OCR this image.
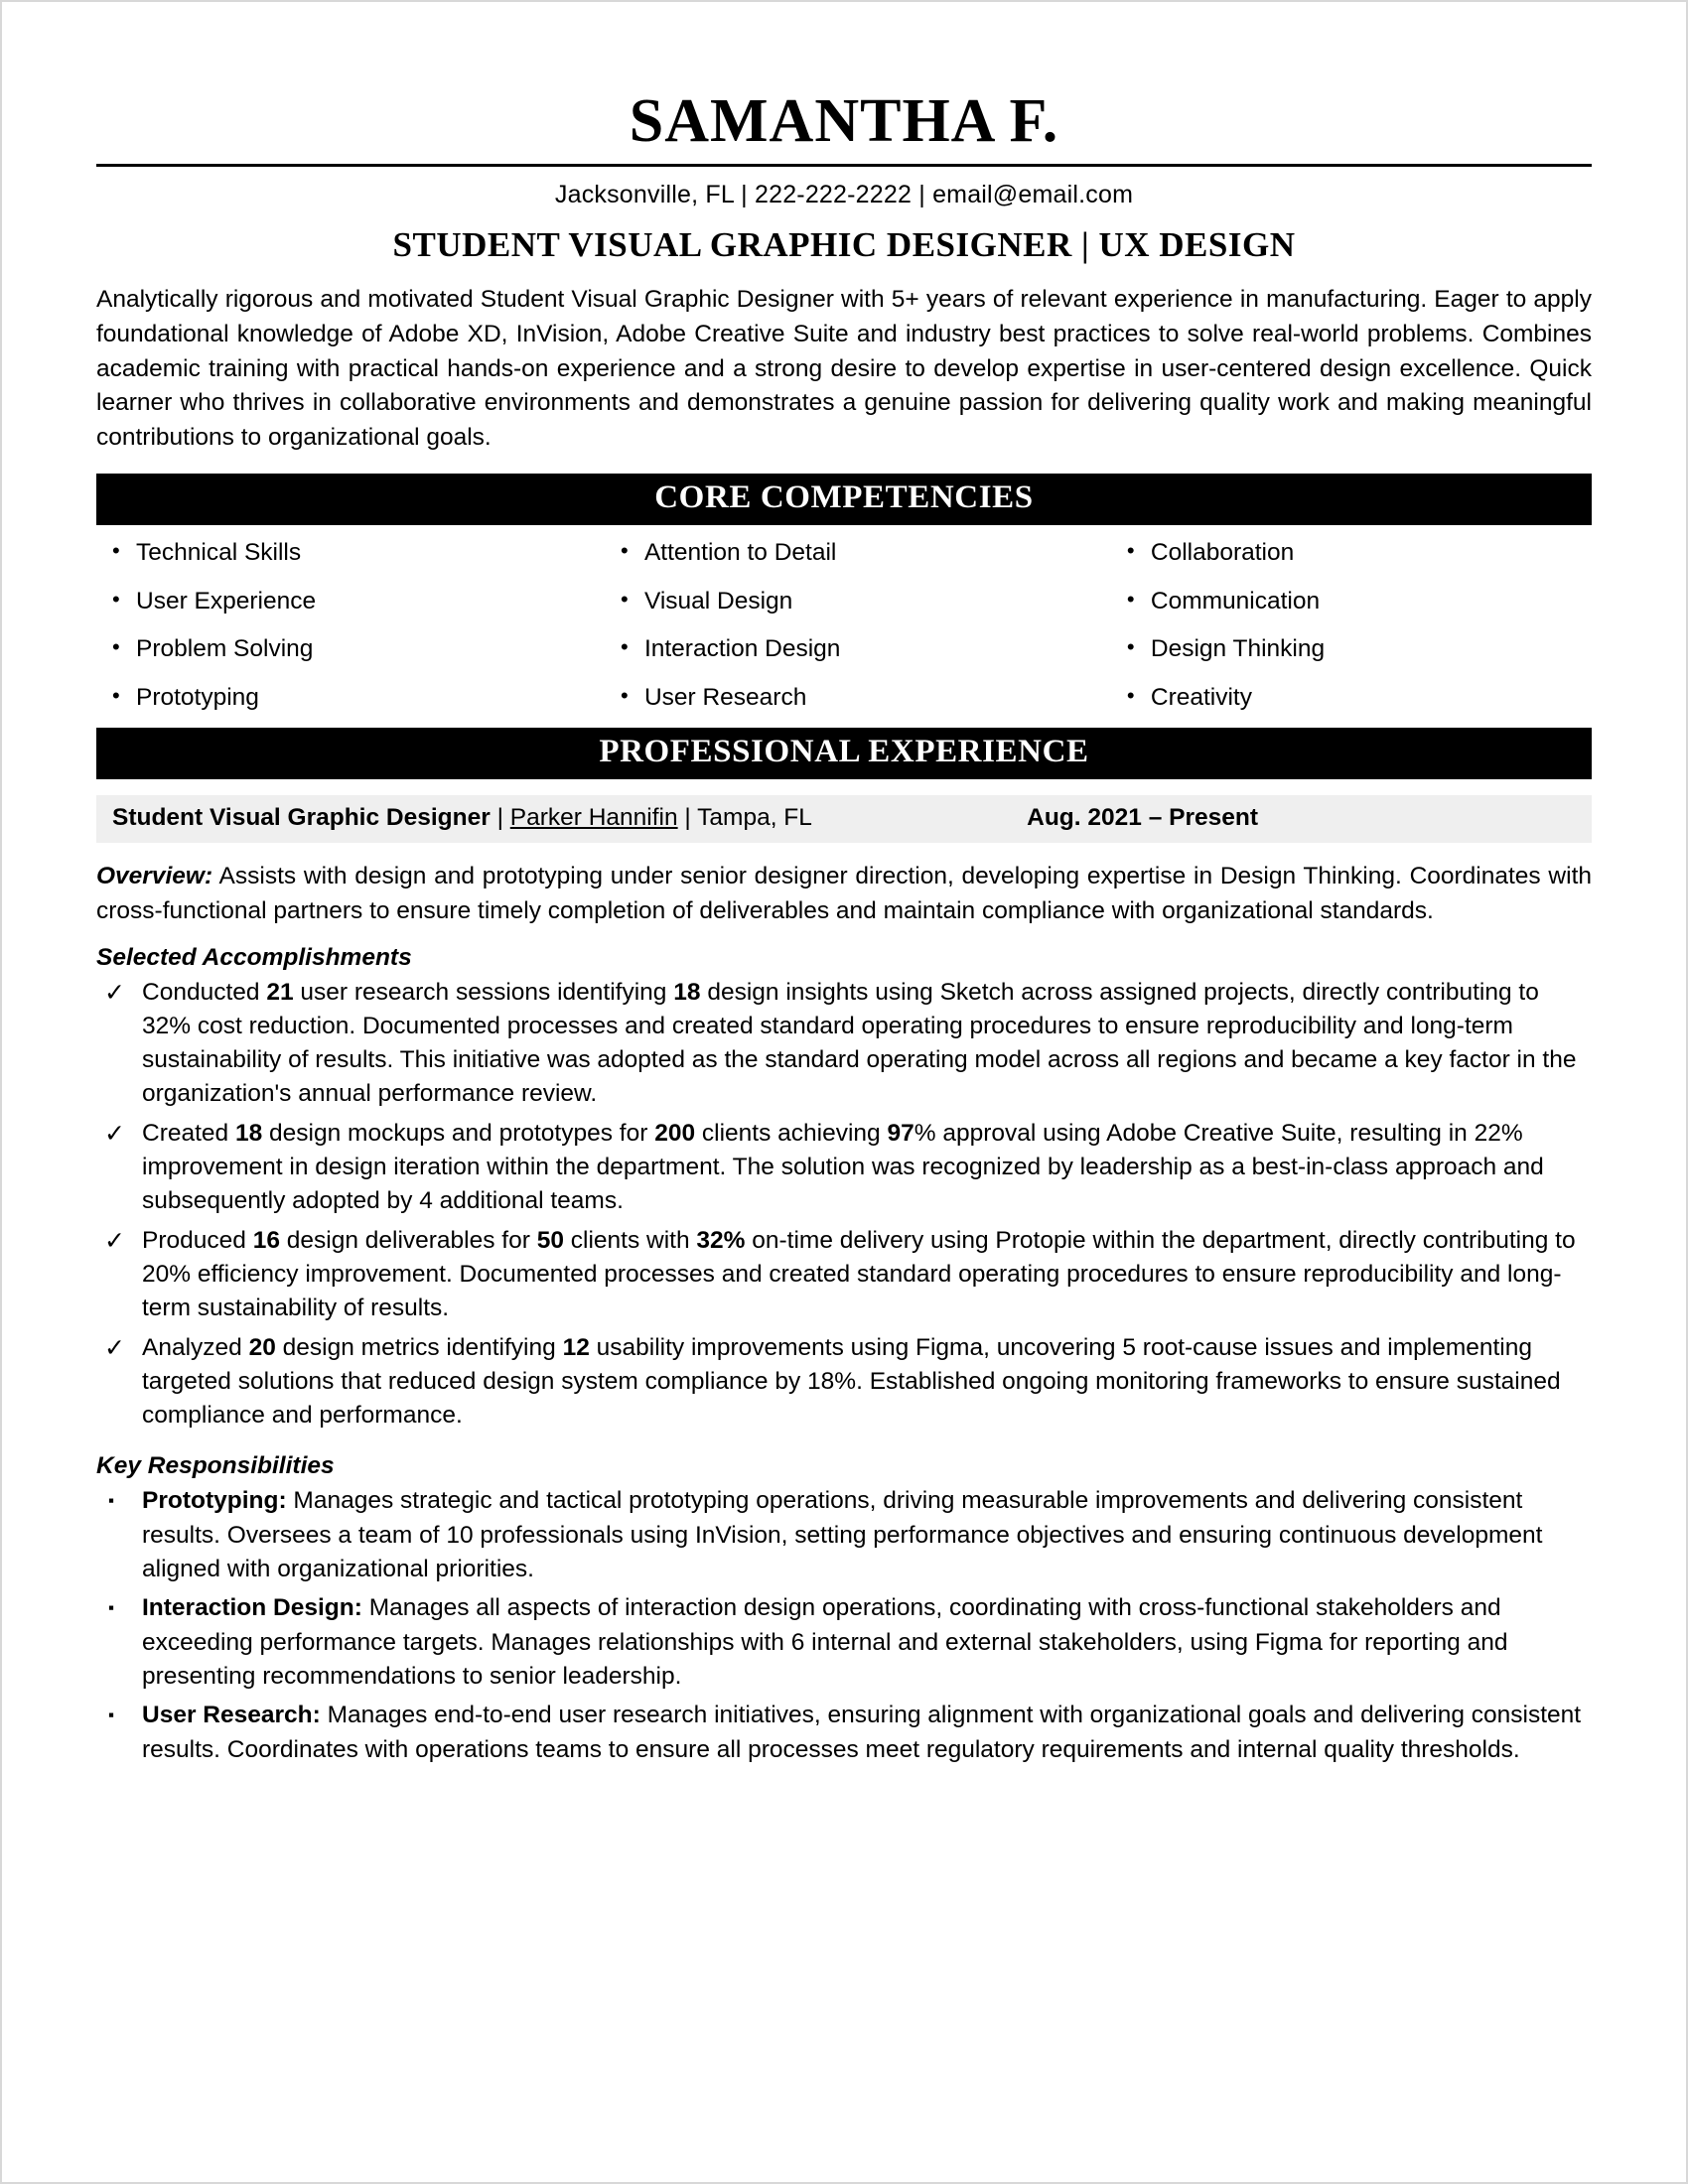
SAMANTHA F.
Jacksonville, FL | 222-222-2222 | email@email.com
STUDENT VISUAL GRAPHIC DESIGNER | UX DESIGN
Analytically rigorous and motivated Student Visual Graphic Designer with 5+ years of relevant experience in manufacturing. Eager to apply foundational knowledge of Adobe XD, InVision, Adobe Creative Suite and industry best practices to solve real-world problems. Combines academic training with practical hands-on experience and a strong desire to develop expertise in user-centered design excellence. Quick learner who thrives in collaborative environments and demonstrates a genuine passion for delivering quality work and making meaningful contributions to organizational goals.
CORE COMPETENCIES
• Technical Skills
• User Experience
• Problem Solving
• Prototyping
• Attention to Detail
• Visual Design
• Interaction Design
• User Research
• Collaboration
• Communication
• Design Thinking
• Creativity
PROFESSIONAL EXPERIENCE
Student Visual Graphic Designer | Parker Hannifin | Tampa, FL	Aug. 2021 – Present
Overview: Assists with design and prototyping under senior designer direction, developing expertise in Design Thinking. Coordinates with cross-functional partners to ensure timely completion of deliverables and maintain compliance with organizational standards.
Selected Accomplishments
✓ Conducted 21 user research sessions identifying 18 design insights using Sketch across assigned projects, directly contributing to 32% cost reduction. Documented processes and created standard operating procedures to ensure reproducibility and long-term sustainability of results. This initiative was adopted as the standard operating model across all regions and became a key factor in the organization's annual performance review.
✓ Created 18 design mockups and prototypes for 200 clients achieving 97% approval using Adobe Creative Suite, resulting in 22% improvement in design iteration within the department. The solution was recognized by leadership as a best-in-class approach and subsequently adopted by 4 additional teams.
✓ Produced 16 design deliverables for 50 clients with 32% on-time delivery using Protopie within the department, directly contributing to 20% efficiency improvement. Documented processes and created standard operating procedures to ensure reproducibility and long-term sustainability of results.
✓ Analyzed 20 design metrics identifying 12 usability improvements using Figma, uncovering 5 root-cause issues and implementing targeted solutions that reduced design system compliance by 18%. Established ongoing monitoring frameworks to ensure sustained compliance and performance.
Key Responsibilities
▪ Prototyping: Manages strategic and tactical prototyping operations, driving measurable improvements and delivering consistent results. Oversees a team of 10 professionals using InVision, setting performance objectives and ensuring continuous development aligned with organizational priorities.
▪ Interaction Design: Manages all aspects of interaction design operations, coordinating with cross-functional stakeholders and exceeding performance targets. Manages relationships with 6 internal and external stakeholders, using Figma for reporting and presenting recommendations to senior leadership.
▪ User Research: Manages end-to-end user research initiatives, ensuring alignment with organizational goals and delivering consistent results. Coordinates with operations teams to ensure all processes meet regulatory requirements and internal quality thresholds.
